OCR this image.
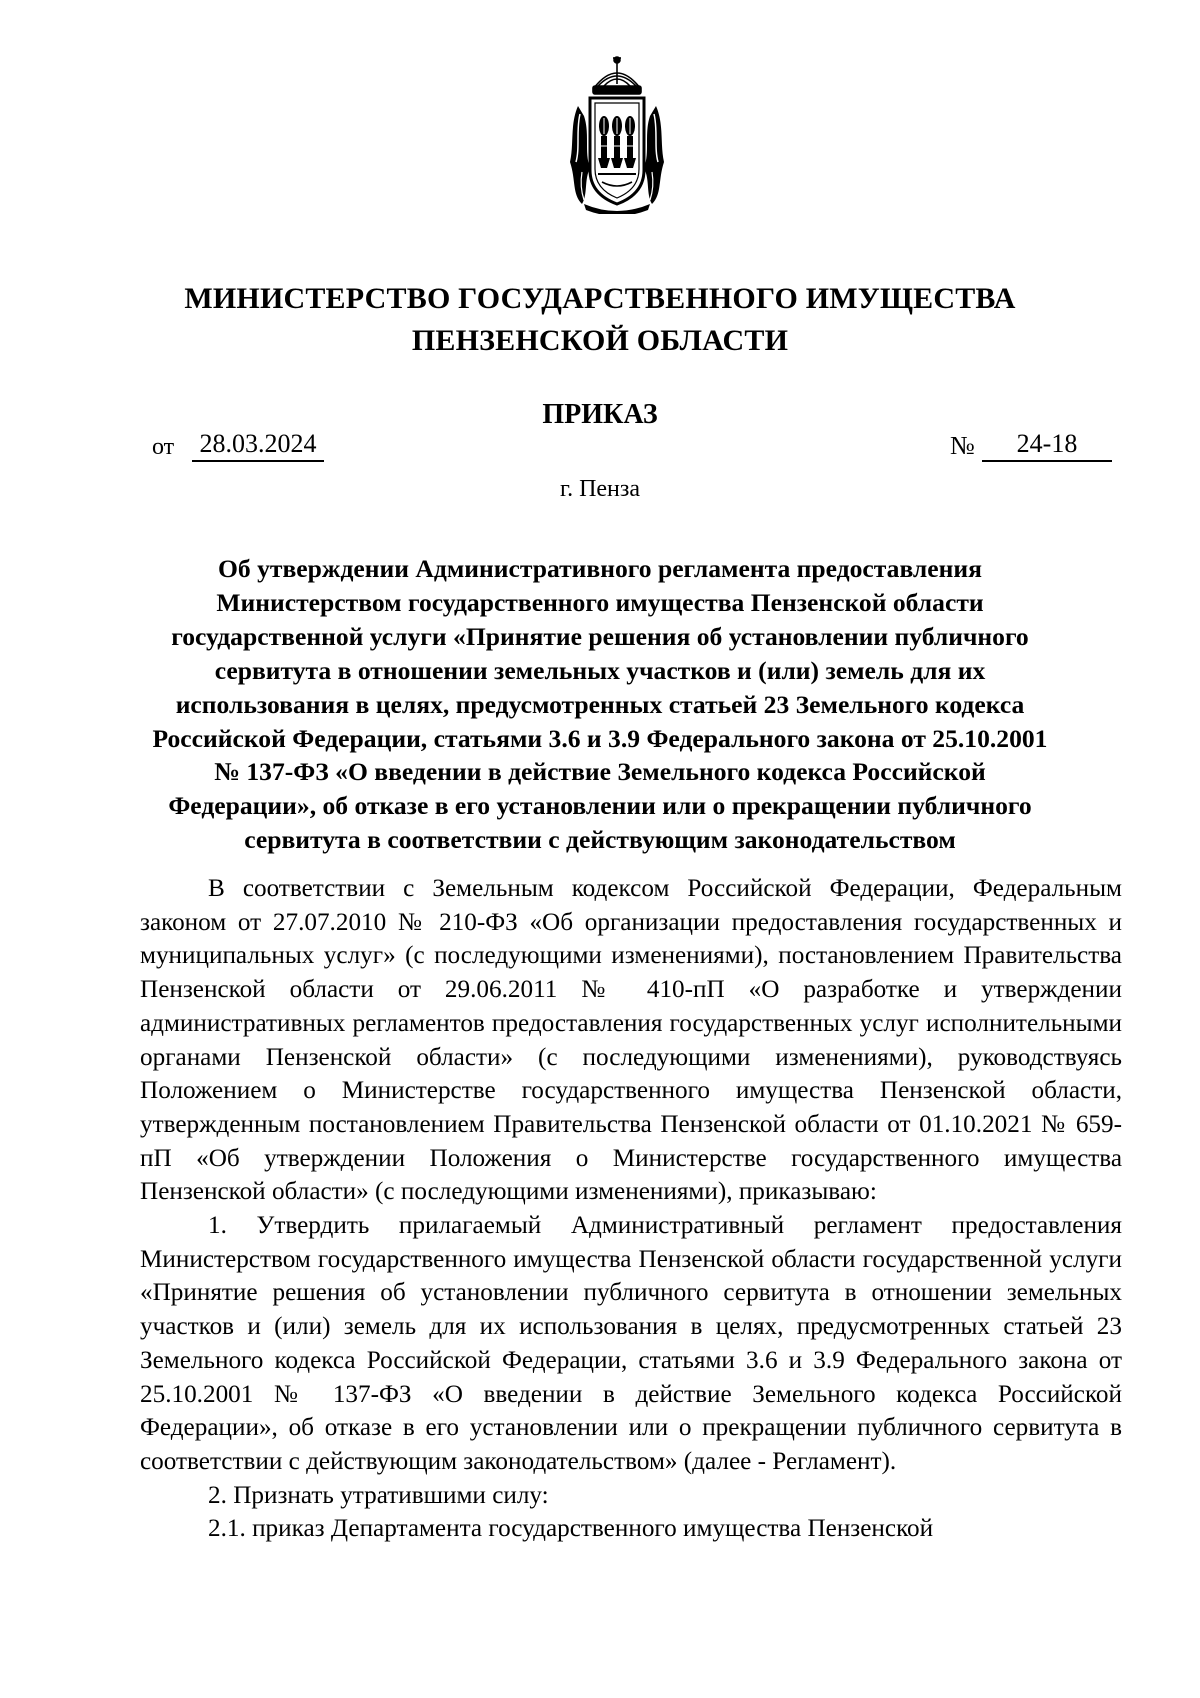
МИНИСТЕРСТВО ГОСУДАРСТВЕННОГО ИМУЩЕСТВА
ПЕНЗЕНСКОЙ ОБЛАСТИ
ПРИКАЗ
от 28.03.2024	№	24-18
г. Пенза
Об утверждении Административного регламента предоставления Министерством государственного имущества Пензенской области государственной услуги «Принятие решения об установлении публичного сервитута в отношении земельных участков и (или) земель для их использования в целях, предусмотренных статьей 23 Земельного кодекса Российской Федерации, статьями 3.6 и 3.9 Федерального закона от 25.10.2001 № 137-ФЗ «О введении в действие Земельного кодекса Российской Федерации», об отказе в его установлении или о прекращении публичного сервитута в соответствии с действующим законодательством

В соответствии с Земельным кодексом Российской Федерации, Федеральным законом от 27.07.2010 № 210-ФЗ «Об организации предоставления государственных и муниципальных услуг» (с последующими изменениями), постановлением Правительства Пензенской области от 29.06.2011 № 410-пП «О разработке и утверждении административных регламентов предоставления государственных услуг исполнительными органами Пензенской области» (с последующими изменениями), руководствуясь Положением о Министерстве государственного имущества Пензенской области, утвержденным постановлением Правительства Пензенской области от 01.10.2021 № 659-пП «Об утверждении Положения о Министерстве государственного имущества Пензенской области» (с последующими изменениями), приказываю:

1. Утвердить прилагаемый Административный регламент предоставления Министерством государственного имущества Пензенской области государственной услуги «Принятие решения об установлении публичного сервитута в отношении земельных участков и (или) земель для их использования в целях, предусмотренных статьей 23 Земельного кодекса Российской Федерации, статьями 3.6 и 3.9 Федерального закона от 25.10.2001 № 137-ФЗ «О введении в действие Земельного кодекса Российской Федерации», об отказе в его установлении или о прекращении публичного сервитута в соответствии с действующим законодательством» (далее - Регламент).

2. Признать утратившими силу:

2.1. приказ Департамента государственного имущества Пензенской
